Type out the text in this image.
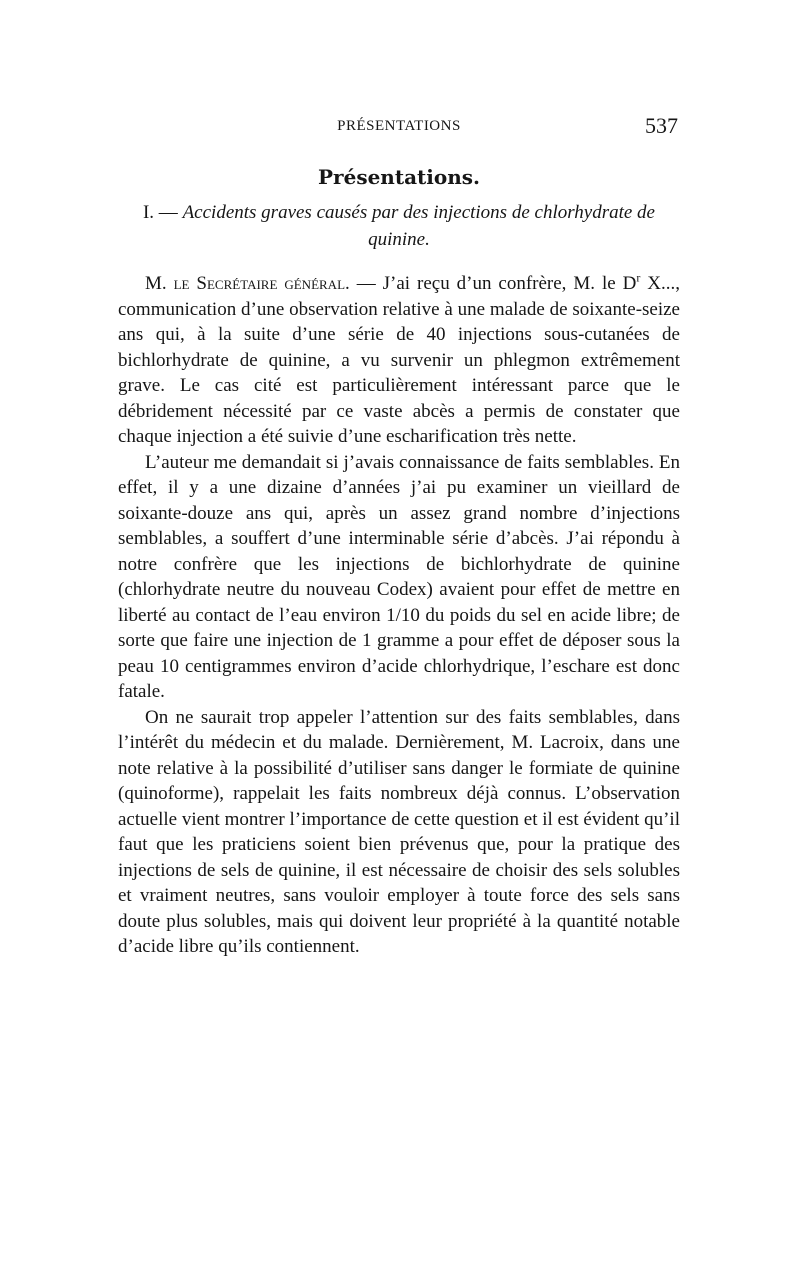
PRÉSENTATIONS	537
Présentations.
I. — Accidents graves causés par des injections de chlorhydrate de quinine.

M. le Secrétaire général. — J’ai reçu d’un confrère, M. le $D^r$ X..., communication d’une observation relative à une malade de soixante-seize ans qui, à la suite d’une série de 40 injections sous-cutanées de bichlorhydrate de quinine, a vu survenir un phlegmon extrêmement grave. Le cas cité est particulièrement intéressant parce que le débridement nécessité par ce vaste abcès a permis de constater que chaque injection a été suivie d’une escharification très nette.

L’auteur me demandait si j’avais connaissance de faits semblables. En effet, il y a une dizaine d’années j’ai pu examiner un vieillard de soixante-douze ans qui, après un assez grand nombre d’injections semblables, a souffert d’une interminable série d’abcès. J’ai répondu à notre confrère que les injections de bichlorhydrate de quinine (chlorhydrate neutre du nouveau Codex) avaient pour effet de mettre en liberté au contact de l’eau environ 1/10 du poids du sel en acide libre; de sorte que faire une injection de 1 gramme a pour effet de déposer sous la peau 10 centigrammes environ d’acide chlorhydrique, l’eschare est donc fatale.

On ne saurait trop appeler l’attention sur des faits semblables, dans l’intérêt du médecin et du malade. Dernièrement, M. Lacroix, dans une note relative à la possibilité d’utiliser sans danger le formiate de quinine (quinoforme), rappelait les faits nombreux déjà connus. L’observation actuelle vient montrer l’importance de cette question et il est évident qu’il faut que les praticiens soient bien prévenus que, pour la pratique des injections de sels de quinine, il est nécessaire de choisir des sels solubles et vraiment neutres, sans vouloir employer à toute force des sels sans doute plus solubles, mais qui doivent leur propriété à la quantité notable d’acide libre qu’ils contiennent.
